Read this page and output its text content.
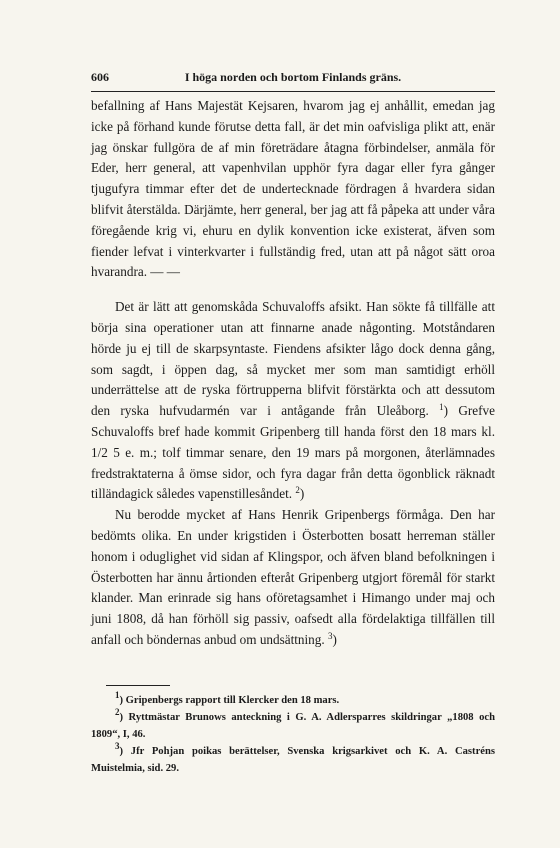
606	I höga norden och bortom Finlands gräns.

befallning af Hans Majestät Kejsaren, hvarom jag ej anhållit, emedan jag icke på förhand kunde förutse detta fall, är det min oafvisliga plikt att, enär jag önskar fullgöra de af min företrädare åtagna förbindelser, anmäla för Eder, herr general, att vapenhvilan upphör fyra dagar eller fyra gånger tjugufyra timmar efter det de undertecknade fördragen å hvardera sidan blifvit återstälda. Därjämte, herr general, ber jag att få påpeka att under våra föregående krig vi, ehuru en dylik konvention icke existerat, äfven som fiender lefvat i vinterkvarter i fullständig fred, utan att på något sätt oroa hvarandra. — —

Det är lätt att genomskåda Schuvaloffs afsikt. Han sökte få tillfälle att börja sina operationer utan att finnarne anade någonting. Motståndaren hörde ju ej till de skarpsyntaste. Fiendens afsikter lågo dock denna gång, som sagdt, i öppen dag, så mycket mer som man samtidigt erhöll underrättelse att de ryska förtrupperna blifvit förstärkta och att dessutom den ryska hufvudarmén var i antågande från Uleåborg. $^1$) Grefve Schuvaloffs bref hade kommit Gripenberg till handa först den 18 mars kl. 1/2 5 e. m.; tolf timmar senare, den 19 mars på morgonen, återlämnades fredstraktaterna å ömse sidor, och fyra dagar från detta ögonblick räknadt tilländagick således vapenstillesåndet. $^2$)

Nu berodde mycket af Hans Henrik Gripenbergs förmåga. Den har bedömts olika. En under krigstiden i Österbotten bosatt herreman ställer honom i oduglighet vid sidan af Klingspor, och äfven bland befolkningen i Österbotten har ännu årtionden efteråt Gripenberg utgjort föremål för starkt klander. Man erinrade sig hans oföretagsamhet i Himango under maj och juni 1808, då han förhöll sig passiv, oafsedt alla fördelaktiga tillfällen till anfall och böndernas anbud om undsättning. $^3$)

$^1$) Gripenbergs rapport till Klercker den 18 mars.

$^2$) Ryttmästar Brunows anteckning i G. A. Adlersparres skildringar „1808 och 1809“, I, 46.

$^3$) Jfr Pohjan poikas berättelser, Svenska krigsarkivet och K. A. Castréns Muistelmia, sid. 29.
